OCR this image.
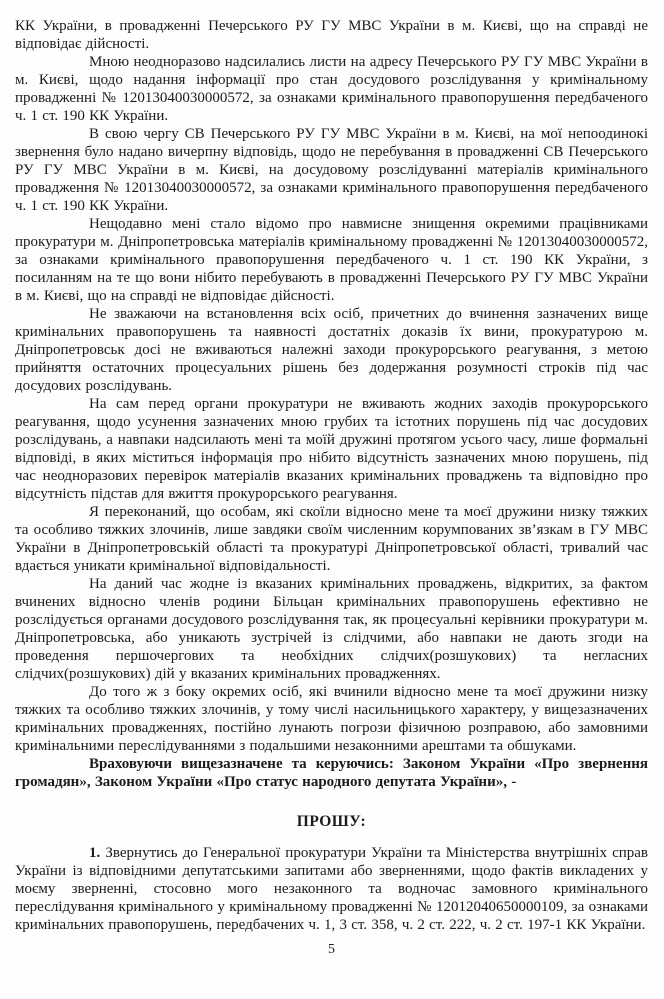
КК України, в провадженні Печерського РУ ГУ МВС України в м. Києві, що на справді не відповідає дійсності.

Мною неодноразово надсилались листи на адресу Печерського РУ ГУ МВС України в м. Києві, щодо надання інформації про стан досудового розслідування у кримінальному провадженні № 12013040030000572, за ознаками кримінального правопорушення передбаченого ч. 1 ст. 190 КК України.

В свою чергу СВ Печерського РУ ГУ МВС України в м. Києві, на мої непоодинокі звернення було надано вичерпну відповідь, щодо не перебування в провадженні СВ Печерського РУ ГУ МВС України в м. Києві, на досудовому розслідуванні матеріалів кримінального провадження № 12013040030000572, за ознаками кримінального правопорушення передбаченого ч. 1 ст. 190 КК України.

Нещодавно мені стало відомо про навмисне знищення окремими працівниками прокуратури м. Дніпропетровська матеріалів кримінальному провадженні № 12013040030000572, за ознаками кримінального правопорушення передбаченого ч. 1 ст. 190 КК України, з посиланням на те що вони нібито перебувають в провадженні Печерського РУ ГУ МВС України в м. Києві, що на справді не відповідає дійсності.

Не зважаючи на встановлення всіх осіб, причетних до вчинення зазначених вище кримінальних правопорушень та наявності достатніх доказів їх вини, прокуратурою м. Дніпропетровськ досі не вживаються належні заходи прокурорського реагування, з метою прийняття остаточних процесуальних рішень без додержання розумності строків під час досудових розслідувань.

На сам перед органи прокуратури не вживають жодних заходів прокурорського реагування, щодо усунення зазначених мною грубих та істотних порушень під час досудових розслідувань, а навпаки надсилають мені та моїй дружині протягом усього часу, лише формальні відповіді, в яких міститься інформація про нібито відсутність зазначених мною порушень, під час неодноразових перевірок матеріалів вказаних кримінальних проваджень та відповідно про відсутність підстав для вжиття прокурорського реагування.

Я переконаний, що особам, які скоїли відносно мене та моєї дружини низку тяжких та особливо тяжких злочинів, лише завдяки своїм численним корумпованих зв’язкам в ГУ МВС України в Дніпропетровській області та прокуратурі Дніпропетровської області, тривалий час вдається уникати кримінальної відповідальності.

На даний час жодне із вказаних кримінальних проваджень, відкритих, за фактом вчинених відносно членів родини Більцан кримінальних правопорушень ефективно не розслідується органами досудового розслідування так, як процесуальні керівники прокуратури м. Дніпропетровська, або уникають зустрічей із слідчими, або навпаки не дають згоди на проведення першочергових та необхідних слідчих(розшукових) та негласних слідчих(розшукових) дій у вказаних кримінальних провадженнях.

До того ж з боку окремих осіб, які вчинили відносно мене та моєї дружини низку тяжких та особливо тяжких злочинів, у тому числі насильницького характеру, у вищезазначених кримінальних провадженнях, постійно лунають погрози фізичною розправою, або замовними кримінальними переслідуваннями з подальшими незаконними арештами та обшуками.

Враховуючи вищезазначене та керуючись: Законом України «Про звернення громадян», Законом України «Про статус народного депутата України», -

ПРОШУ:

1. Звернутись до Генеральної прокуратури України та Міністерства внутрішніх справ України із відповідними депутатськими запитами або зверненнями, щодо фактів викладених у моєму зверненні, стосовно мого незаконного та водночас замовного кримінального переслідування кримінального у кримінальному провадженні № 12012040650000109, за ознаками кримінальних правопорушень, передбачених ч. 1, 3 ст. 358, ч. 2 ст. 222, ч. 2 ст. 197-1 КК України.

5
